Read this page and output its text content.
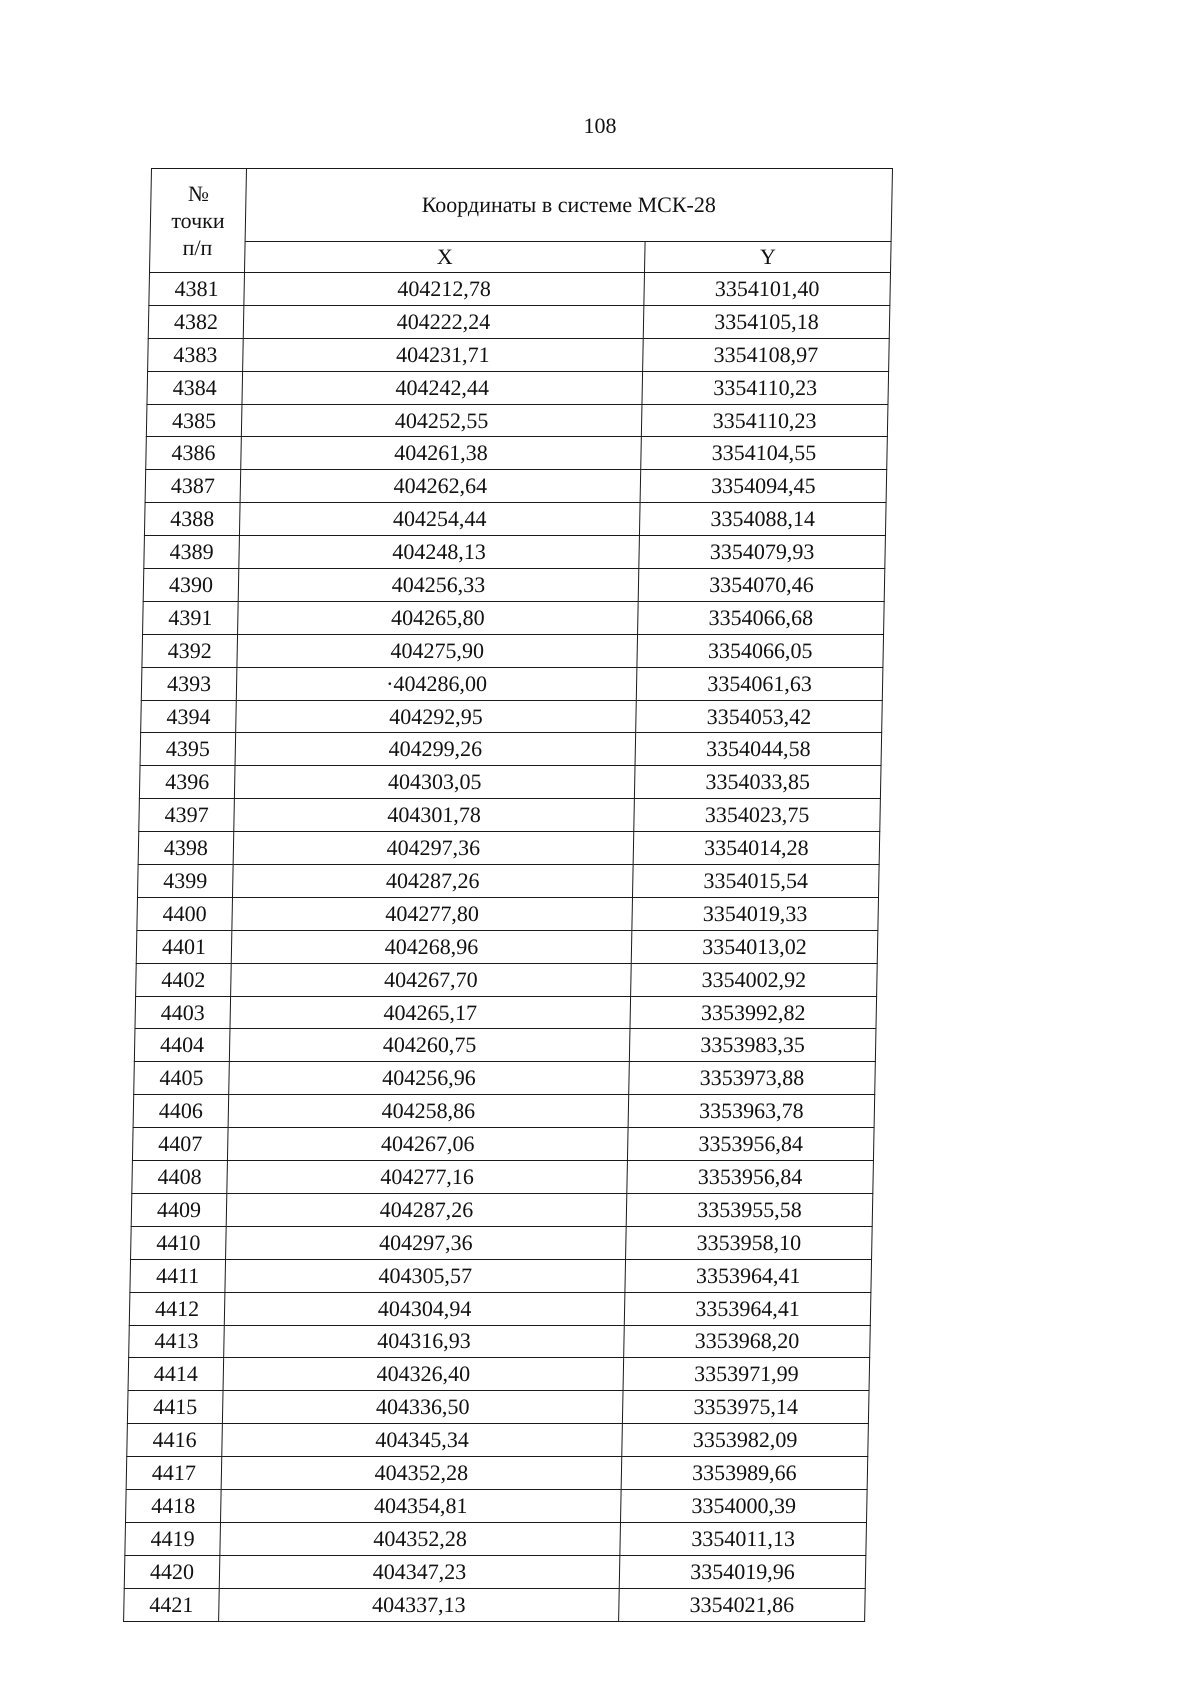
108
№
точки
п/п	Координаты в системе МСК-28	
	X	Y
4381	404212,78	3354101,40
4382	404222,24	3354105,18
4383	404231,71	3354108,97
4384	404242,44	3354110,23
4385	404252,55	3354110,23
4386	404261,38	3354104,55
4387	404262,64	3354094,45
4388	404254,44	3354088,14
4389	404248,13	3354079,93
4390	404256,33	3354070,46
4391	404265,80	3354066,68
4392	404275,90	3354066,05
4393	·404286,00	3354061,63
4394	404292,95	3354053,42
4395	404299,26	3354044,58
4396	404303,05	3354033,85
4397	404301,78	3354023,75
4398	404297,36	3354014,28
4399	404287,26	3354015,54
4400	404277,80	3354019,33
4401	404268,96	3354013,02
4402	404267,70	3354002,92
4403	404265,17	3353992,82
4404	404260,75	3353983,35
4405	404256,96	3353973,88
4406	404258,86	3353963,78
4407	404267,06	3353956,84
4408	404277,16	3353956,84
4409	404287,26	3353955,58
4410	404297,36	3353958,10
4411	404305,57	3353964,41
4412	404304,94	3353964,41
4413	404316,93	3353968,20
4414	404326,40	3353971,99
4415	404336,50	3353975,14
4416	404345,34	3353982,09
4417	404352,28	3353989,66
4418	404354,81	3354000,39
4419	404352,28	3354011,13
4420	404347,23	3354019,96
4421	404337,13	3354021,86
